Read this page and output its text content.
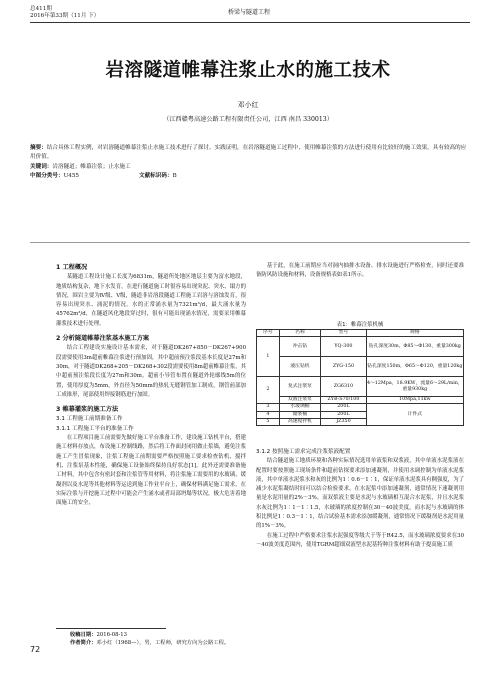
总411期
2016年第33期（11月 下）	桥梁与隧道工程
岩溶隧道帷幕注浆止水的施工技术
邓小红
（江西赣粤高速公路工程有限责任公司，江西 南昌 330013）
摘要：结合具体工程实例，对岩溶隧道帷幕注浆止水施工技术进行了探讨。实践证明，在岩溶隧道施工过程中，使用帷幕注浆的方法进行使用有比较好的施工效果，具有较高的应用价值。
关键词：岩溶隧道；帷幕注浆；止水施工
中图分类号：U455	文献标识码：B

1 工程概况

某隧道工程设计施工长度为6831m，隧道所处地区地层主要为富水地段，地质结构复杂，地下水发育，在进行隧道施工时很容易出现突泥、突水、塌方的情况，围岩主要为Ⅳ级、Ⅴ级，隧道非岩溶段隧道工程施工岩溶与溶蚀发育，很容易出现突水、涌泥的情况。水的正常涌水量为7321m³/d，最大涌水量为45762m³/d，在隧道风化地段穿过时，很有可能出现涌水情况，需要采用帷幕灌浆技术进行处理。

2 分析隧道帷幕注浆基本施工方案

结合工程建设实施设计基本需求，对于隧道DK267+850－DK267+900段需要使用3m超前帷幕注浆进行预加固，其中超前预注浆段基本长度是27m和30m，对于隧道DK268+205－DK268+302段需要使用8m超前帷幕注浆，其中超前预注浆段长度为27m和30m，超前小导管布置在隧道外轮廓线5m的位置，使用厚度为5mm，外直径为50mm的热轧无缝钢管加工制成，钢管前部加工成锥形，尾部使用焊接钢筋进行加固。

3 帷幕灌浆的施工方法

3.1 工程施工前期准备工作

3.1.1 工程施工平台的准备工作

在工程项目施工前需要先做好施工平台准备工作，建设施工钻机平台，搭建施工材料存放点，布设施工控制线路，然后将工作面封闭用做止浆墙，避免注浆施工产生冒浆现象，注浆工程施工前期需要严格按照施工要求检查钻机、搅拌机、注浆泵基本性能，确保施工设备始终保持良好状态[1]。此外还需要准备施工材料，其中包含有密封套和注浆管等用材料，将注浆施工需要用的水玻璃、缓凝剂以及水泥等其他材料等运送到施工作业平台上，确保材料满足施工需求。在实际注浆与开挖施工过程中可能会产生涌水或者局部坍塌等状况，极大危害着地面施工的安全，

基于此，在施工前期应当对洞内抽排水设备、排水设施进行严格检查，同时还要准备防风防设施和材料，设备规格表如表1所示。

表1：帷幕注浆机械
序号	名称	型号	规格
1	冲击钻	YQ-300	钻孔深度30m，Φ85～Φ130，重量300kg
	液压钻机	ZYG-150	钻孔深度150m，Φ65～Φ120，重量120kg
2	复式注浆泵	ZG6310	4～12Mpa，18.9KW，流量6～29L/min，重量930kg
	双液注浆泵	ZYB-S70/100	10Mpa,11kw
3	水玻璃桶	200L	计件式
4	储浆桶	200L	
5	高速搅拌机	JZ350	

3.1.2 按照施工需求完成注浆浆液配置

结合隧道施工地质环境和各种实际情况选用单液浆和双浆液，其中单液水泥浆液在配置时要按照施工现场条件和超前钻探要求添加速凝剂，并使用水调控制为单液水泥浆液，其中单液水泥浆水和灰的比例为1∶0.6－1∶1，保证单液水泥浆具有稠强度，为了减少水泥浆凝结时间可以结合检验要求，在水泥浆中添加速凝剂，通常情况下速凝剂用量是水泥用量的2%－3%。而双浆液主要是水泥与水玻璃相互混合水泥浆，并且水泥浆水灰比例为1∶1－1∶1.5，水玻璃的浓度控制在30－40波美度，而水泥与水玻璃的体积比例是1∶0.3－1∶1，结合试验基本需求添加缓凝剂，通常情况下缓凝剂是水泥用量的1%－3%。

在施工过程中严格要求注浆水泥强度等级大于等于R42.5，而水玻璃浓度要求在30－40波美度范围内，使用TGRM超细双液型水泥基特种注浆材料有助于提高施工质

收稿日期：2016-08-13
作者简介：邓小红（1968—），男，工程师，研究方向为公路工程。
72
